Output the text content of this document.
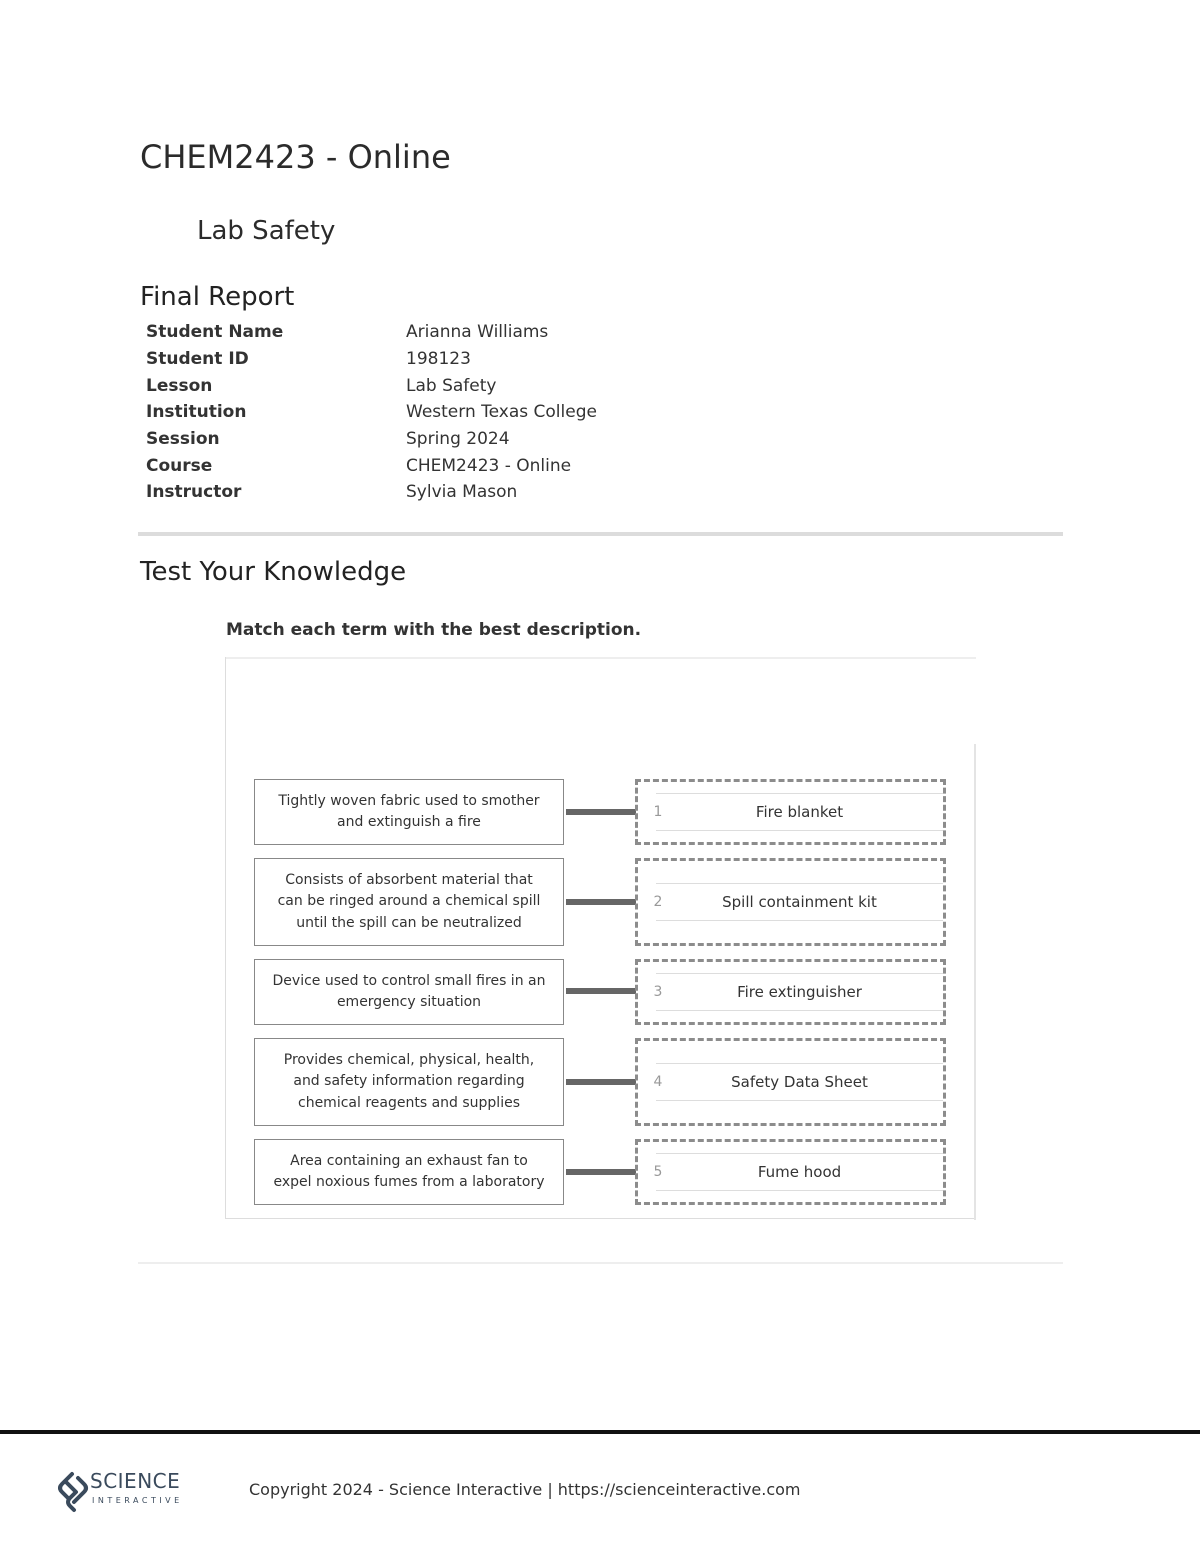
CHEM2423 - Online
Lab Safety
Final Report
Student Name	Arianna Williams
Student ID	198123
Lesson	Lab Safety
Institution	Western Texas College
Session	Spring 2024
Course	CHEM2423 - Online
Instructor	Sylvia Mason
Test Your Knowledge

Match each term with the best description.

Tightly woven fabric used to smother
and extinguish a fire
1	Fire blanket
Consists of absorbent material that
can be ringed around a chemical spill
until the spill can be neutralized
2	Spill containment kit
Device used to control small fires in an
emergency situation
3	Fire extinguisher
Provides chemical, physical, health,
and safety information regarding
chemical reagents and supplies
4	Safety Data Sheet
Area containing an exhaust fan to
expel noxious fumes from a laboratory
5	Fume hood
SCIENCE
INTERACTIVE
Copyright 2024 - Science Interactive | https://scienceinteractive.com
